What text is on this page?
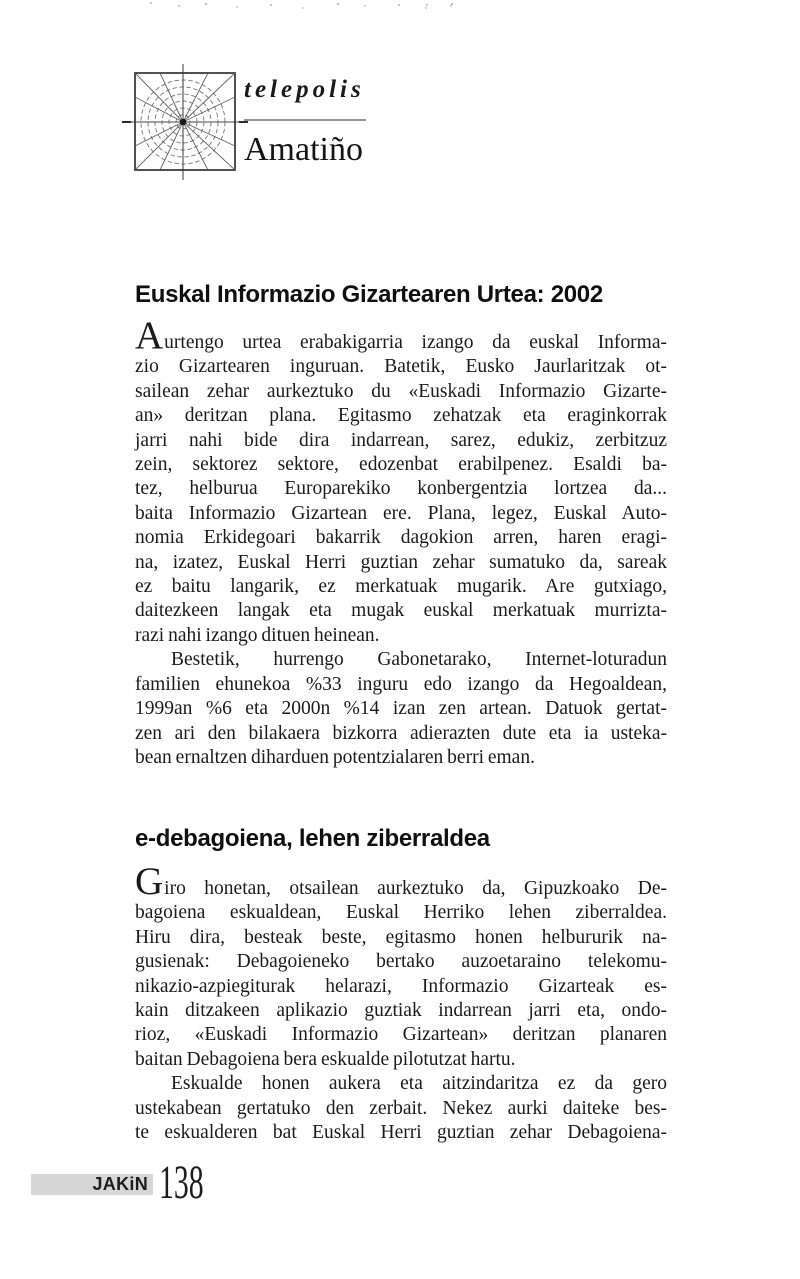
telepolis
Amatiño
Euskal Informazio Gizartearen Urtea: 2002
Aurtengo urtea erabakigarria izango da euskal Informa-
zio Gizartearen inguruan. Batetik, Eusko Jaurlaritzak ot-
sailean zehar aurkeztuko du «Euskadi Informazio Gizarte-
an» deritzan plana. Egitasmo zehatzak eta eraginkorrak
jarri nahi bide dira indarrean, sarez, edukiz, zerbitzuz
zein, sektorez sektore, edozenbat erabilpenez. Esaldi ba-
tez, helburua Europarekiko konbergentzia lortzea da...
baita Informazio Gizartean ere. Plana, legez, Euskal Auto-
nomia Erkidegoari bakarrik dagokion arren, haren eragi-
na, izatez, Euskal Herri guztian zehar sumatuko da, sareak
ez baitu langarik, ez merkatuak mugarik. Are gutxiago,
daitezkeen langak eta mugak euskal merkatuak murrizta-
razi nahi izango dituen heinean.
Bestetik, hurrengo Gabonetarako, Internet-loturadun
familien ehunekoa %33 inguru edo izango da Hegoaldean,
1999an %6 eta 2000n %14 izan zen artean. Datuok gertat-
zen ari den bilakaera bizkorra adierazten dute eta ia usteka-
bean ernaltzen diharduen potentzialaren berri eman.
e-debagoiena, lehen ziberraldea
Giro honetan, otsailean aurkeztuko da, Gipuzkoako De-
bagoiena eskualdean, Euskal Herriko lehen ziberraldea.
Hiru dira, besteak beste, egitasmo honen helbururik na-
gusienak: Debagoieneko bertako auzoetaraino telekomu-
nikazio-azpiegiturak helarazi, Informazio Gizarteak es-
kain ditzakeen aplikazio guztiak indarrean jarri eta, ondo-
rioz, «Euskadi Informazio Gizartean» deritzan planaren
baitan Debagoiena bera eskualde pilotutzat hartu.
Eskualde honen aukera eta aitzindaritza ez da gero
ustekabean gertatuko den zerbait. Nekez aurki daiteke bes-
te eskualderen bat Euskal Herri guztian zehar Debagoiena-
JAKiN 138
